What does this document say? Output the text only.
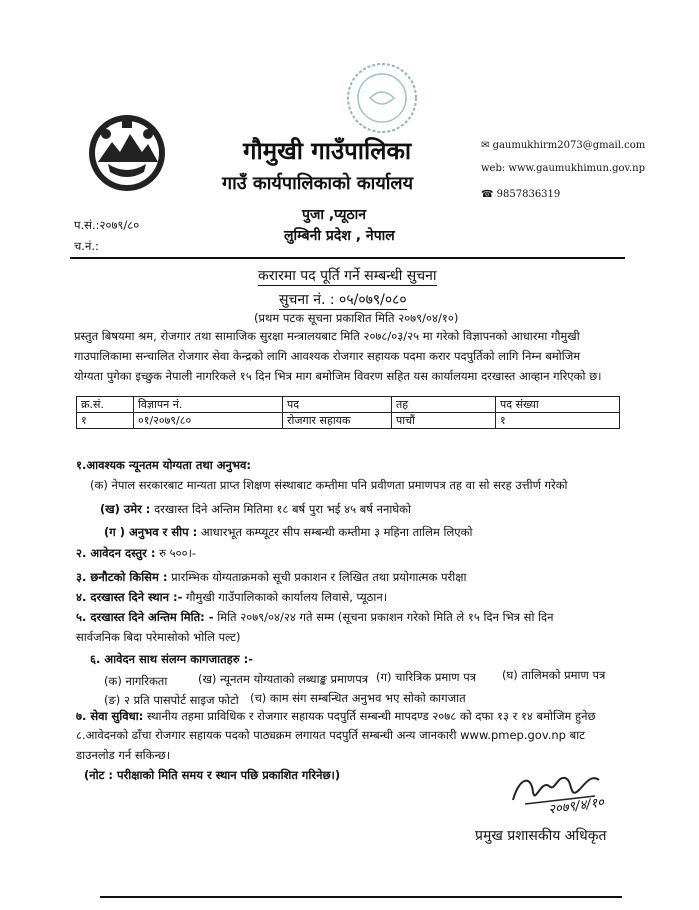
गौमुखी गाउँपालिका
गाउँ कार्यपालिकाको कार्यालय
पुजा ,प्यूठान
लुम्बिनी प्रदेश , नेपाल
प.सं.:२०७९/८०
च.नं.:
✉ gaumukhirm2073@gmail.com
web: www.gaumukhimun.gov.np
☎ 9857836319
करारमा पद पूर्ति गर्ने सम्बन्धी सुचना
सुचना नं. : ०५/०७९/०८०
(प्रथम पटक सूचना प्रकाशित मिति २०७९/०४/१०)
प्रस्तुत बिषयमा श्रम, रोजगार तथा सामाजिक सुरक्षा मन्त्रालयबाट मिति २०७८/०३/२५ मा गरेको विज्ञापनको आधारमा गौमुखी
गाउपालिकामा सन्चालित रोजगार सेवा केन्द्रको लागि आवश्यक रोजगार सहायक पदमा करार पदपुर्तिको लागि निम्न बमोजिम
योग्यता पुगेका इच्छुक नेपाली नागरिकले १५ दिन भित्र माग बमोजिम विवरण सहित यस कार्यालयमा दरखास्त आव्हान गरिएको छ।
क्र.सं.	विज्ञापन नं.	पद	तह	पद संख्या
१	०१/२०७९/८०	रोजगार सहायक	पाचौं	१
१.आवश्यक न्यूनतम योग्यता तथा अनुभव:
(क) नेपाल सरकारबाट मान्यता प्राप्त शिक्षण संस्थाबाट कम्तीमा पनि प्रवीणता प्रमाणपत्र तह वा सो सरह उत्तीर्ण गरेको
(ख) उमेर : दरखास्त दिने अन्तिम मितिमा १८ बर्ष पुरा भई ४५ बर्ष ननाघेको
(ग ) अनुभव र सीप : आधारभूत कम्प्यूटर सीप सम्बन्धी कम्तीमा ३ महिना तालिम लिएको
२. आवेदन दस्तुर : रु ५००।-
३. छनौटको किसिम : प्रारम्भिक योग्यताक्रमको सूची प्रकाशन र लिखित तथा प्रयोगात्मक परीक्षा
४. दरखास्त दिने स्थान :- गौमुखी गाउँपालिकाको कार्यालय लिवासे, प्यूठान।
५. दरखास्त दिने अन्तिम मिति: - मिति २०७९/०४/२४ गते सम्म (सूचना प्रकाशन गरेको मिति ले १५ दिन भित्र सो दिन
सार्वजनिक बिदा परेमासोको भोलि पल्ट)
६. आवेदन साथ संलग्न कागजातहरु :-
(क) नागरिकता	(ख) न्यूनतम योग्यताको लब्धाङ्क प्रमाणपत्र (ग) चारित्रिक प्रमाण पत्र (घ) तालिमको प्रमाण पत्र
(ङ) २ प्रति पासपोर्ट साइज फोटो (च) काम संग सम्बन्धित अनुभव भए सोको कागजात
७. सेवा सुविधा: स्थानीय तहमा प्राविधिक र रोजगार सहायक पदपुर्ति सम्बन्धी मापदण्ड २०७८ को दफा १३ र १४ बमोजिम हुनेछ
८.आवेदनको ढाँचा रोजगार सहायक पदको पाठ्यक्रम लगायत पदपुर्ति सम्बन्धी अन्य जानकारी www.pmep.gov.np बाट
डाउनलोड गर्न सकिन्छ।
(नोट : परीक्षाको मिति समय र स्थान पछि प्रकाशित गरिनेछ।)
२०७९/४/१०
प्रमुख प्रशासकीय अधिकृत
